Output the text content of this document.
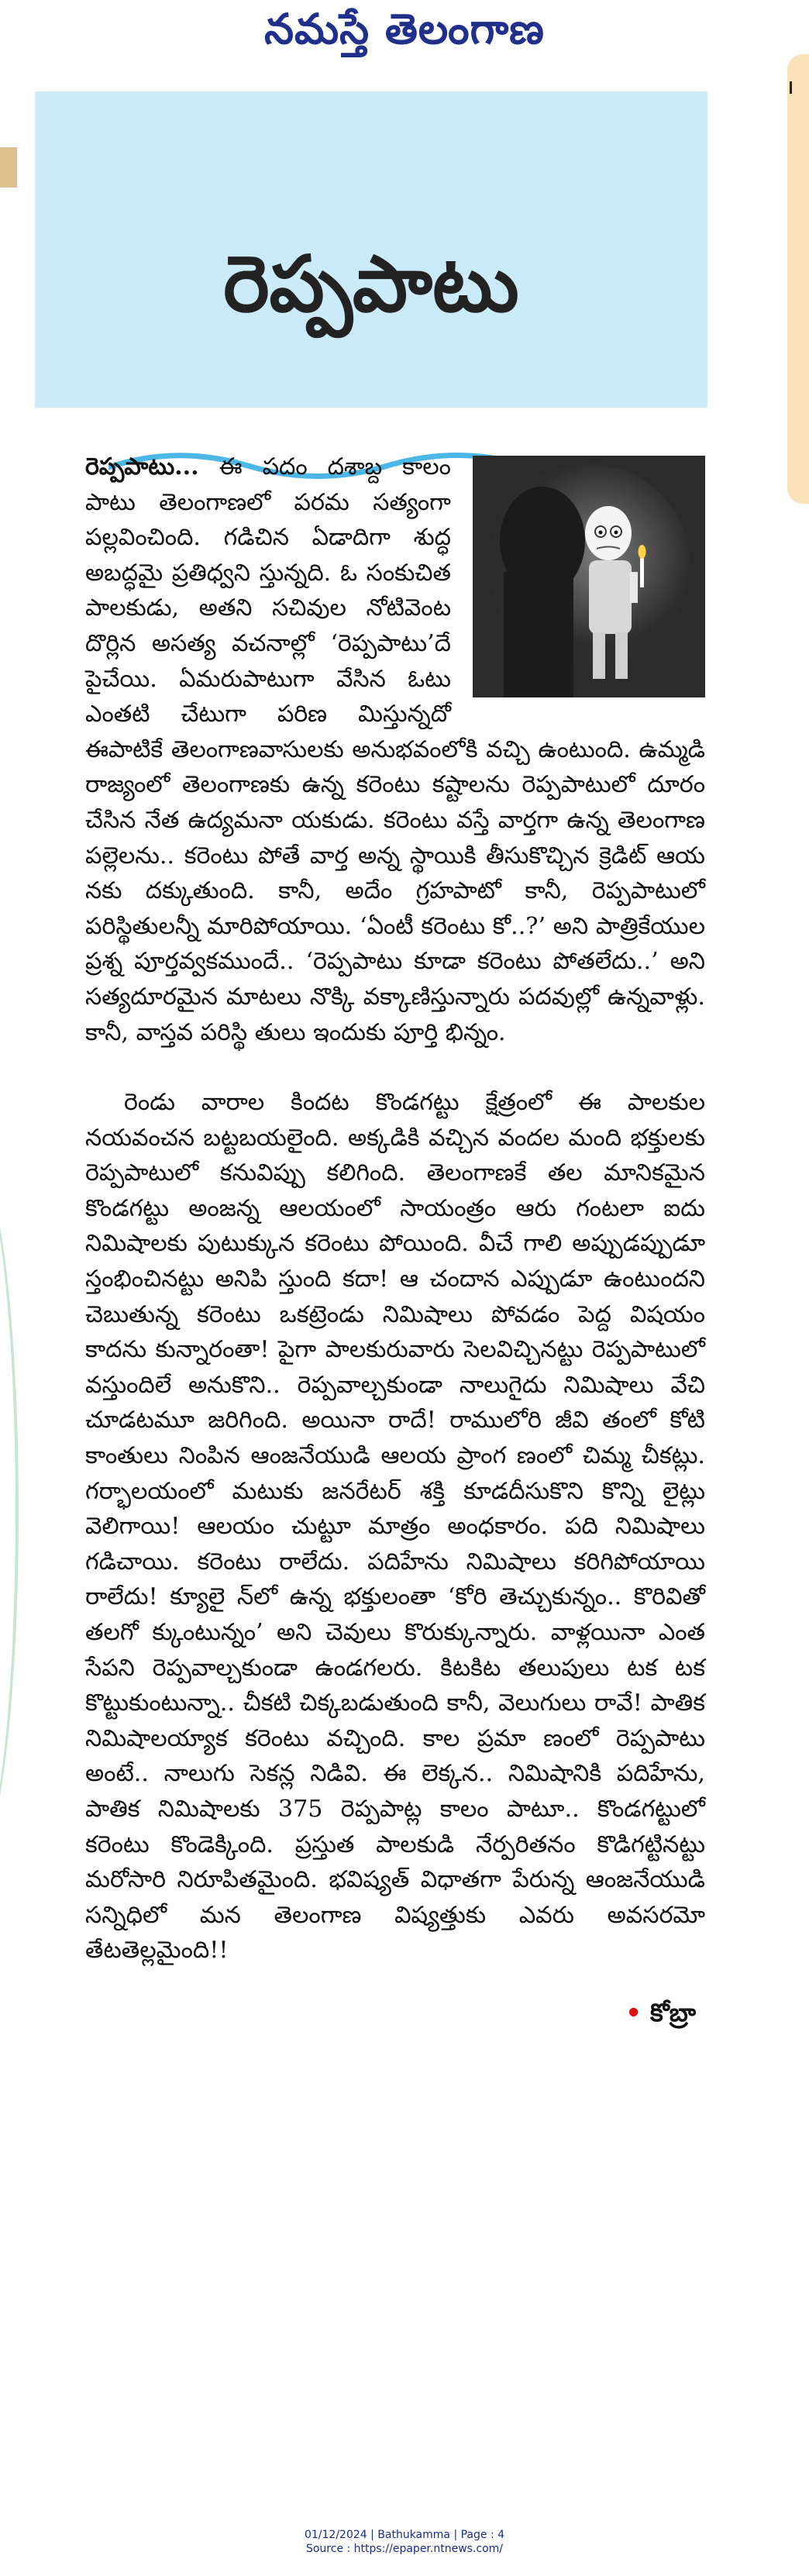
నమస్తే తెలంగాణ
రెప్పపాటు

రెప్పపాటు... ఈ పదం దశాబ్ద కాలం పాటు తెలంగాణలో పరమ సత్యంగా పల్లవించింది. గడిచిన ఏడాదిగా శుద్ధ అబద్ధమై ప్రతిధ్వని స్తున్నది. ఓ సంకుచిత పాలకుడు, అతని సచివుల నోటివెంట దొర్లిన అసత్య వచనాల్లో ‘రెప్పపాటు’దే పైచేయి. ఏమరుపాటుగా వేసిన ఓటు ఎంతటి చేటుగా పరిణ మిస్తున్నదో ఈపాటికే తెలంగాణవాసులకు అనుభవంలోకి వచ్చి ఉంటుంది. ఉమ్మడి రాజ్యంలో తెలంగాణకు ఉన్న కరెంటు కష్టాలను రెప్పపాటులో దూరం చేసిన నేత ఉద్యమనా యకుడు. కరెంటు వస్తే వార్తగా ఉన్న తెలంగాణ పల్లెలను.. కరెంటు పోతే వార్త అన్న స్థాయికి తీసుకొచ్చిన క్రెడిట్ ఆయ నకు దక్కుతుంది. కానీ, అదేం గ్రహపాటో కానీ, రెప్పపాటులో పరిస్థితులన్నీ మారిపోయాయి. ‘ఏంటీ కరెంటు కో..?’ అని పాత్రికేయుల ప్రశ్న పూర్తవ్వకముందే.. ‘రెప్పపాటు కూడా కరెంటు పోతలేదు..’ అని సత్యదూరమైన మాటలు నొక్కి వక్కాణిస్తున్నారు పదవుల్లో ఉన్నవాళ్లు. కానీ, వాస్తవ పరిస్థి తులు ఇందుకు పూర్తి భిన్నం.

రెండు వారాల కిందట కొండగట్టు క్షేత్రంలో ఈ పాలకుల నయవంచన బట్టబయలైంది. అక్కడికి వచ్చిన వందల మంది భక్తులకు రెప్పపాటులో కనువిప్పు కలిగింది. తెలంగాణకే తల మానికమైన కొండగట్టు అంజన్న ఆలయంలో సాయంత్రం ఆరు గంటలా ఐదు నిమిషాలకు పుటుక్కున కరెంటు పోయింది. వీచే గాలి అప్పుడప్పుడూ స్తంభించినట్టు అనిపి స్తుంది కదా! ఆ చందాన ఎప్పుడూ ఉంటుందని చెబుతున్న కరెంటు ఒకట్రెండు నిమిషాలు పోవడం పెద్ద విషయం కాదను కున్నారంతా! పైగా పాలకురువారు సెలవిచ్చినట్టు రెప్పపాటులో వస్తుందిలే అనుకొని.. రెప్పవాల్చకుండా నాలుగైదు నిమిషాలు వేచి చూడటమూ జరిగింది. అయినా రాదే! రాములోరి జీవి తంలో కోటి కాంతులు నింపిన ఆంజనేయుడి ఆలయ ప్రాంగ ణంలో చిమ్మ చీకట్లు. గర్భాలయంలో మటుకు జనరేటర్ శక్తి కూడదీసుకొని కొన్ని లైట్లు వెలిగాయి! ఆలయం చుట్టూ మాత్రం అంధకారం. పది నిమిషాలు గడిచాయి. కరెంటు రాలేదు. పదిహేను నిమిషాలు కరిగిపోయాయి రాలేదు! క్యూలై న్‌లో ఉన్న భక్తులంతా ‘కోరి తెచ్చుకున్నం.. కొరివితో తలగో క్కుంటున్నం’ అని చెవులు కొరుక్కున్నారు. వాళ్లయినా ఎంత సేపని రెప్పవాల్చకుండా ఉండగలరు. కిటకిట తలుపులు టక టక కొట్టుకుంటున్నా.. చీకటి చిక్కబడుతుంది కానీ, వెలుగులు రావే! పాతిక నిమిషాలయ్యాక కరెంటు వచ్చింది. కాల ప్రమా ణంలో రెప్పపాటు అంటే.. నాలుగు సెకన్ల నిడివి. ఈ లెక్కన.. నిమిషానికి పదిహేను, పాతిక నిమిషాలకు 375 రెప్పపాట్ల కాలం పాటూ.. కొండగట్టులో కరెంటు కొండెక్కింది. ప్రస్తుత పాలకుడి నేర్పరితనం కొడిగట్టినట్టు మరోసారి నిరూపితమైంది. భవిష్యత్ విధాతగా పేరున్న ఆంజనేయుడి సన్నిధిలో మన తెలంగాణ విష్యత్తుకు ఎవరు అవసరమో తేటతెల్లమైంది!!

• కోబ్రా
01/12/2024 | Bathukamma | Page : 4
Source : https://epaper.ntnews.com/
